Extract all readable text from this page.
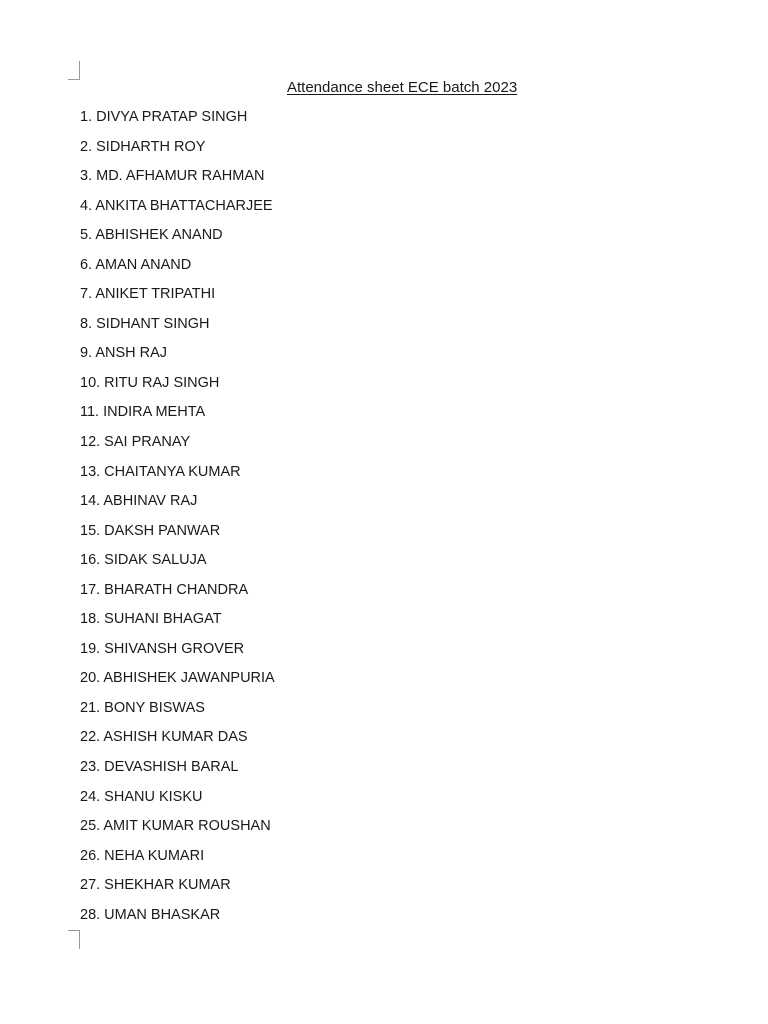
Attendance sheet ECE batch 2023
1. DIVYA PRATAP SINGH
2. SIDHARTH ROY
3. MD. AFHAMUR RAHMAN
4. ANKITA BHATTACHARJEE
5. ABHISHEK ANAND
6. AMAN ANAND
7. ANIKET TRIPATHI
8. SIDHANT SINGH
9. ANSH RAJ
10. RITU RAJ SINGH
11. INDIRA MEHTA
12. SAI PRANAY
13. CHAITANYA KUMAR
14. ABHINAV RAJ
15. DAKSH PANWAR
16. SIDAK SALUJA
17. BHARATH CHANDRA
18. SUHANI BHAGAT
19. SHIVANSH GROVER
20. ABHISHEK JAWANPURIA
21. BONY BISWAS
22. ASHISH KUMAR DAS
23. DEVASHISH BARAL
24. SHANU KISKU
25. AMIT KUMAR ROUSHAN
26. NEHA KUMARI
27. SHEKHAR KUMAR
28. UMAN BHASKAR
